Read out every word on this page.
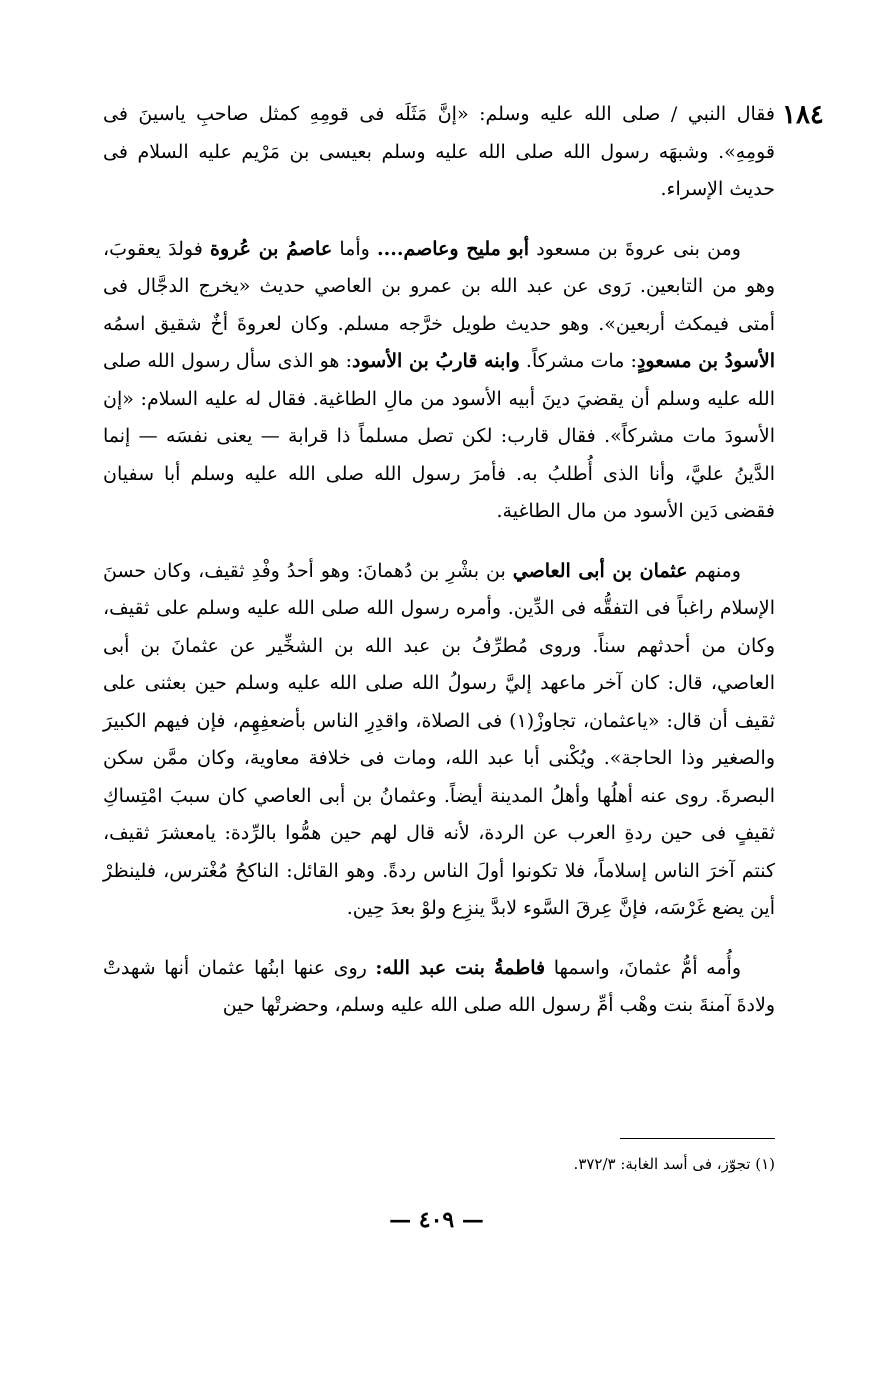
١٨٤

فقال النبي / صلى الله عليه وسلم: «إنَّ مَثَلَه فى قومِهِ كمثل صاحبِ ياسينَ فى قومِهِ». وشبهَه رسول الله صلى الله عليه وسلم بعيسى بن مَرْيم عليه السلام فى حديث الإسراء.

ومن بنى عروةَ بن مسعود أبو مليح وعاصم.... وأما عاصمُ بن عُروة فولدَ يعقوبَ، وهو من التابعين. رَوى عن عبد الله بن عمرو بن العاصي حديث «يخرج الدجَّال فى أمتى فيمكث أربعين». وهو حديث طويل خرَّجه مسلم. وكان لعروةَ أخٌ شقيق اسمُه الأسودُ بن مسعودٍ: مات مشركاً. وابنه قاربُ بن الأسود: هو الذى سأل رسول الله صلى الله عليه وسلم أن يقضيَ دينَ أبيه الأسود من مالِ الطاغية. فقال له عليه السلام: «إن الأسودَ مات مشركاً». فقال قارب: لكن تصل مسلماً ذا قرابة — يعنى نفسَه — إنما الدَّينُ عليَّ، وأنا الذى أُطلبُ به. فأمرَ رسول الله صلى الله عليه وسلم أبا سفيان فقضى دَين الأسود من مال الطاغية.

ومنهم عثمان بن أبى العاصي بن بشْرِ بن دُهمانَ: وهو أحدُ وفْدِ ثقيف، وكان حسنَ الإسلام راغباً فى التفقُّه فى الدِّين. وأمره رسول الله صلى الله عليه وسلم على ثقيف، وكان من أحدثهم سناً. وروى مُطرِّفُ بن عبد الله بن الشخِّير عن عثمانَ بن أبى العاصي، قال: كان آخر ماعهد إليَّ رسولُ الله صلى الله عليه وسلم حين بعثنى على ثقيف أن قال: «ياعثمان، تجاوزْ(١) فى الصلاة، واقدِرِ الناس بأضعفِهِم، فإن فيهم الكبيرَ والصغير وذا الحاجة». ويُكْنى أبا عبد الله، ومات فى خلافة معاوية، وكان ممَّن سكن البصرةَ. روى عنه أهلُها وأهلُ المدينة أيضاً. وعثمانُ بن أبى العاصي كان سببَ امْتِساكِ ثقيفٍ فى حين ردةِ العرب عن الردة، لأنه قال لهم حين همُّوا بالرِّدة: يامعشرَ ثقيف، كنتم آخرَ الناس إسلاماً، فلا تكونوا أولَ الناس ردةً. وهو القائل: الناكحُ مُغْترس، فلينظرْ أين يضع غَرْسَه، فإنَّ عِرقَ السَّوء لابدَّ ينزِع ولوْ بعدَ حِين.

وأُمه أمُّ عثمانَ، واسمها فاطمةُ بنت عبد الله: روى عنها ابنُها عثمان أنها شهدتْ ولادةَ آمنةَ بنت وهْب أمِّ رسول الله صلى الله عليه وسلم، وحضرتْها حين

(١) تجوّز، فى أسد الغابة: ٣٧٢/٣.
— ٤٠٩ —
